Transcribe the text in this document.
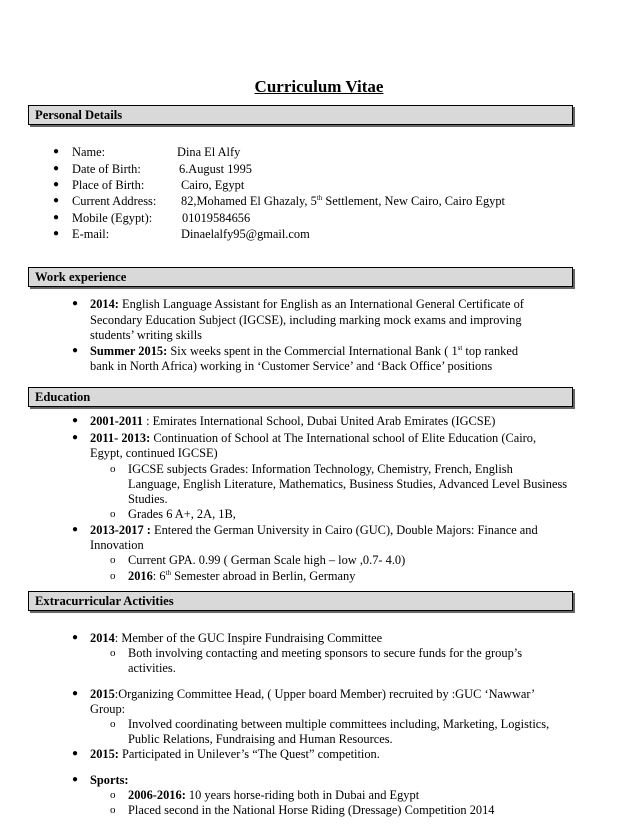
Curriculum Vitae
Personal Details
● Name:	Dina El Alfy
● Date of Birth:	6.August 1995
● Place of Birth:	Cairo, Egypt
● Current Address: 82,Mohamed El Ghazaly, 5th Settlement, New Cairo, Cairo Egypt
● Mobile (Egypt): 01019584656
● E-mail:	Dinaelalfy95@gmail.com
Work experience
● 2014: English Language Assistant for English as an International General Certificate of
Secondary Education Subject (IGCSE), including marking mock exams and improving
students’ writing skills
● Summer 2015: Six weeks spent in the Commercial International Bank ( 1st top ranked
bank in North Africa) working in ‘Customer Service’ and ‘Back Office’ positions
Education
● 2001-2011 : Emirates International School, Dubai United Arab Emirates (IGCSE)
● 2011- 2013: Continuation of School at The International school of Elite Education (Cairo,
Egypt, continued IGCSE)
o IGCSE subjects Grades: Information Technology, Chemistry, French, English
Language, English Literature, Mathematics, Business Studies, Advanced Level Business
Studies.
o Grades 6 A+, 2A, 1B,
● 2013-2017 : Entered the German University in Cairo (GUC), Double Majors: Finance and
Innovation
o Current GPA. 0.99 ( German Scale high – low ,0.7- 4.0)
o 2016: 6th Semester abroad in Berlin, Germany
Extracurricular Activities
● 2014: Member of the GUC Inspire Fundraising Committee
o Both involving contacting and meeting sponsors to secure funds for the group’s
activities.
● 2015:Organizing Committee Head, ( Upper board Member) recruited by :GUC ‘Nawwar’
Group:
o Involved coordinating between multiple committees including, Marketing, Logistics,
Public Relations, Fundraising and Human Resources.
● 2015: Participated in Unilever’s “The Quest” competition.
● Sports:
o 2006-2016: 10 years horse-riding both in Dubai and Egypt
o Placed second in the National Horse Riding (Dressage) Competition 2014
